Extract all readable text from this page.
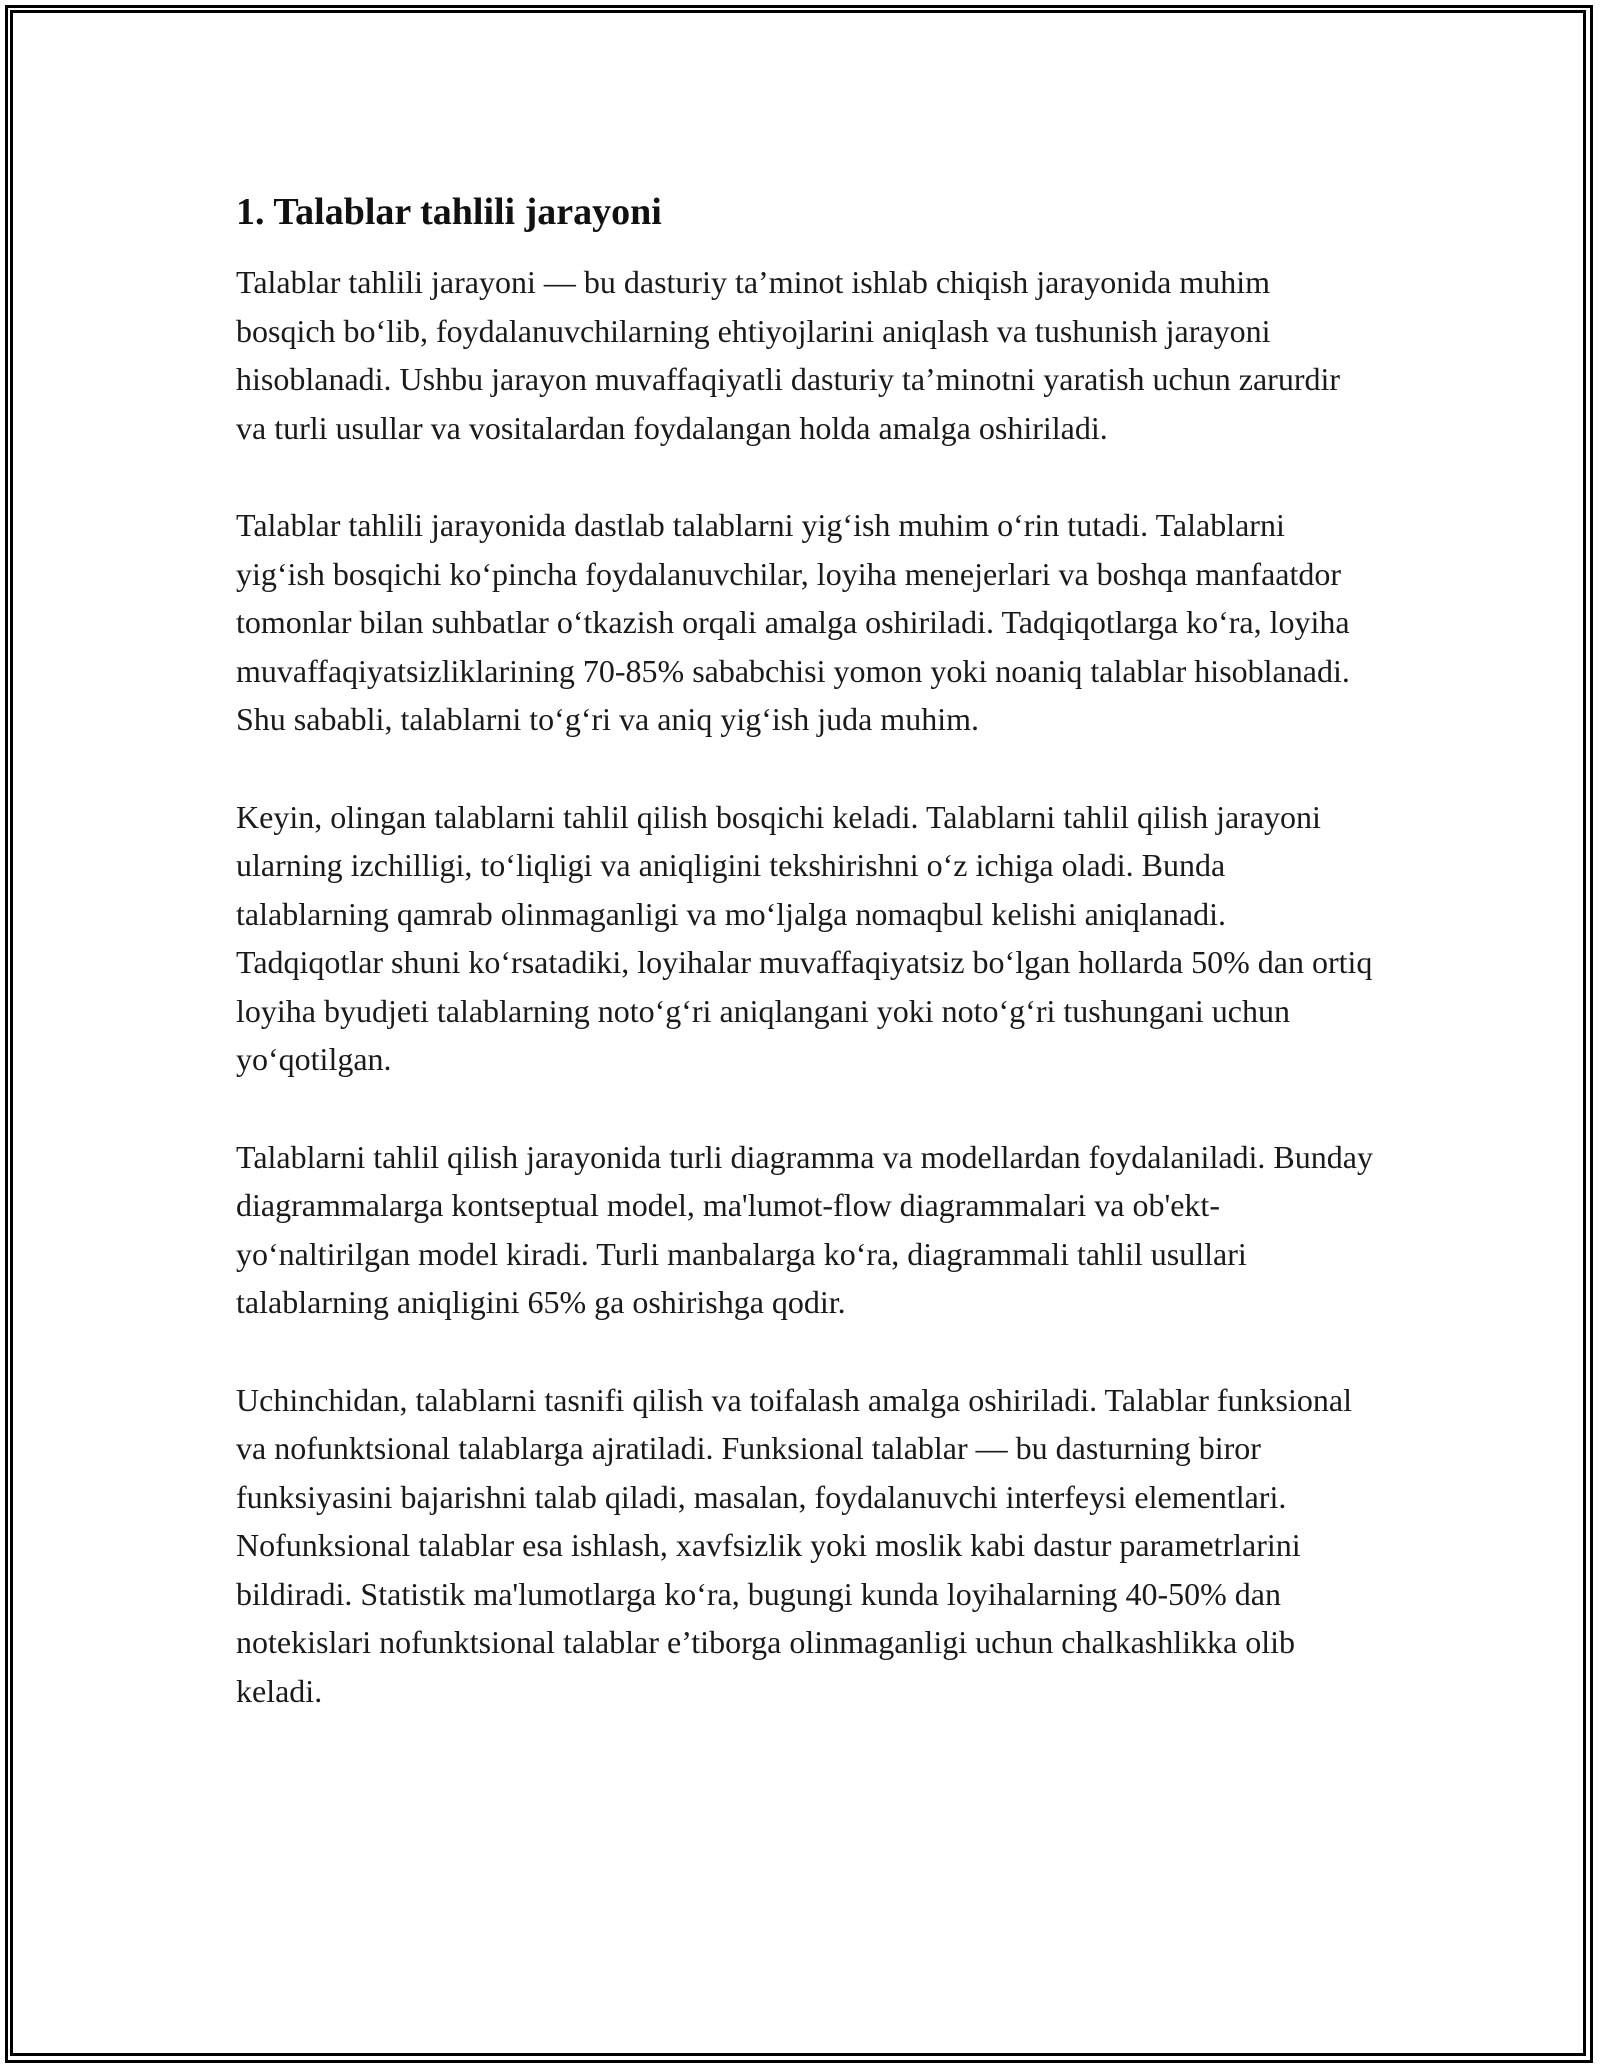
1. Talablar tahlili jarayoni

Talablar tahlili jarayoni — bu dasturiy ta’minot ishlab chiqish jarayonida muhim bosqich bo‘lib, foydalanuvchilarning ehtiyojlarini aniqlash va tushunish jarayoni hisoblanadi. Ushbu jarayon muvaffaqiyatli dasturiy ta’minotni yaratish uchun zarurdir va turli usullar va vositalardan foydalangan holda amalga oshiriladi.

Talablar tahlili jarayonida dastlab talablarni yig‘ish muhim o‘rin tutadi. Talablarni yig‘ish bosqichi ko‘pincha foydalanuvchilar, loyiha menejerlari va boshqa manfaatdor tomonlar bilan suhbatlar o‘tkazish orqali amalga oshiriladi. Tadqiqotlarga ko‘ra, loyiha muvaffaqiyatsizliklarining 70-85% sababchisi yomon yoki noaniq talablar hisoblanadi. Shu sababli, talablarni to‘g‘ri va aniq yig‘ish juda muhim.

Keyin, olingan talablarni tahlil qilish bosqichi keladi. Talablarni tahlil qilish jarayoni ularning izchilligi, to‘liqligi va aniqligini tekshirishni o‘z ichiga oladi. Bunda talablarning qamrab olinmaganligi va mo‘ljalga nomaqbul kelishi aniqlanadi. Tadqiqotlar shuni ko‘rsatadiki, loyihalar muvaffaqiyatsiz bo‘lgan hollarda 50% dan ortiq loyiha byudjeti talablarning noto‘g‘ri aniqlangani yoki noto‘g‘ri tushungani uchun yo‘qotilgan.

Talablarni tahlil qilish jarayonida turli diagramma va modellardan foydalaniladi. Bunday diagrammalarga kontseptual model, ma'lumot-flow diagrammalari va ob'ekt-yo‘naltirilgan model kiradi. Turli manbalarga ko‘ra, diagrammali tahlil usullari talablarning aniqligini 65% ga oshirishga qodir.

Uchinchidan, talablarni tasnifi qilish va toifalash amalga oshiriladi. Talablar funksional va nofunktsional talablarga ajratiladi. Funksional talablar — bu dasturning biror funksiyasini bajarishni talab qiladi, masalan, foydalanuvchi interfeysi elementlari. Nofunksional talablar esa ishlash, xavfsizlik yoki moslik kabi dastur parametrlarini bildiradi. Statistik ma'lumotlarga ko‘ra, bugungi kunda loyihalarning 40-50% dan notekislari nofunktsional talablar e’tiborga olinmaganligi uchun chalkashlikka olib keladi.
